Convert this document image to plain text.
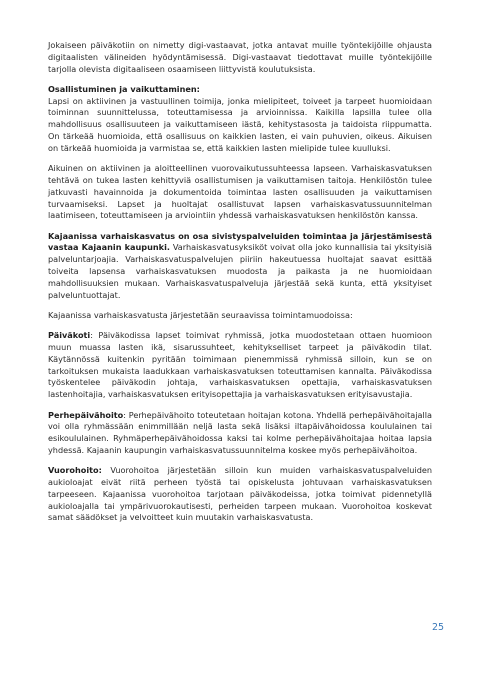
Jokaiseen päiväkotiin on nimetty digi-vastaavat, jotka antavat muille työntekijöille ohjausta digitaalisten välineiden hyödyntämisessä. Digi-vastaavat tiedottavat muille työntekijöille tarjolla olevista digitaaliseen osaamiseen liittyvistä koulutuksista.

Osallistuminen ja vaikuttaminen:
Lapsi on aktiivinen ja vastuullinen toimija, jonka mielipiteet, toiveet ja tarpeet huomioidaan toiminnan suunnittelussa, toteuttamisessa ja arvioinnissa. Kaikilla lapsilla tulee olla mahdollisuus osallisuuteen ja vaikuttamiseen iästä, kehitystasosta ja taidoista riippumatta. On tärkeää huomioida, että osallisuus on kaikkien lasten, ei vain puhuvien, oikeus. Aikuisen on tärkeää huomioida ja varmistaa se, että kaikkien lasten mielipide tulee kuulluksi.

Aikuinen on aktiivinen ja aloitteellinen vuorovaikutussuhteessa lapseen. Varhaiskasvatuksen tehtävä on tukea lasten kehittyviä osallistumisen ja vaikuttamisen taitoja. Henkilöstön tulee jatkuvasti havainnoida ja dokumentoida toimintaa lasten osallisuuden ja vaikuttamisen turvaamiseksi. Lapset ja huoltajat osallistuvat lapsen varhaiskasvatussuunnitelman laatimiseen, toteuttamiseen ja arviointiin yhdessä varhaiskasvatuksen henkilöstön kanssa.

Kajaanissa varhaiskasvatus on osa sivistyspalveluiden toimintaa ja järjestämisestä vastaa Kajaanin kaupunki. Varhaiskasvatusyksiköt voivat olla joko kunnallisia tai yksityisiä palveluntarjoajia. Varhaiskasvatuspalvelujen piiriin hakeutuessa huoltajat saavat esittää toiveita lapsensa varhaiskasvatuksen muodosta ja paikasta ja ne huomioidaan mahdollisuuksien mukaan. Varhaiskasvatuspalveluja järjestää sekä kunta, että yksityiset palveluntuottajat.

Kajaanissa varhaiskasvatusta järjestetään seuraavissa toimintamuodoissa:

Päiväkoti: Päiväkodissa lapset toimivat ryhmissä, jotka muodostetaan ottaen huomioon muun muassa lasten ikä, sisarussuhteet, kehitykselliset tarpeet ja päiväkodin tilat. Käytännössä kuitenkin pyritään toimimaan pienemmissä ryhmissä silloin, kun se on tarkoituksen mukaista laadukkaan varhaiskasvatuksen toteuttamisen kannalta. Päiväkodissa työskentelee päiväkodin johtaja, varhaiskasvatuksen opettajia, varhaiskasvatuksen lastenhoitajia, varhaiskasvatuksen erityisopettajia ja varhaiskasvatuksen erityisavustajia.

Perhepäivähoito: Perhepäivähoito toteutetaan hoitajan kotona. Yhdellä perhepäivähoitajalla voi olla ryhmässään enimmillään neljä lasta sekä lisäksi iltapäivähoidossa koululainen tai esikoululainen. Ryhmäperhepäivähoidossa kaksi tai kolme perhepäivähoitajaa hoitaa lapsia yhdessä. Kajaanin kaupungin varhaiskasvatussuunnitelma koskee myös perhepäivähoitoa.

Vuorohoito: Vuorohoitoa järjestetään silloin kun muiden varhaiskasvatuspalveluiden aukioloajat eivät riitä perheen työstä tai opiskelusta johtuvaan varhaiskasvatuksen tarpeeseen. Kajaanissa vuorohoitoa tarjotaan päiväkodeissa, jotka toimivat pidennetyllä aukioloajalla tai ympärivuorokautisesti, perheiden tarpeen mukaan. Vuorohoitoa koskevat samat säädökset ja velvoitteet kuin muutakin varhaiskasvatusta.

25
